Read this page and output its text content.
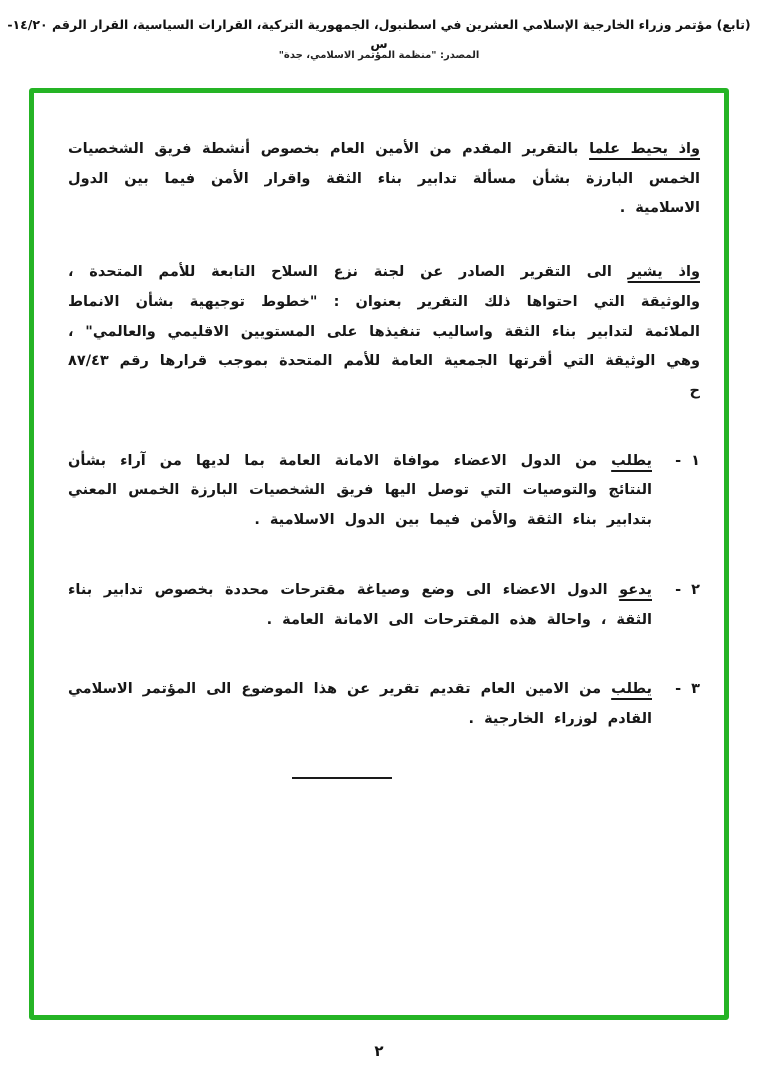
(تابع) مؤتمر وزراء الخارجية الإسلامي العشرين في اسطنبول، الجمهورية التركية، القرارات السياسية، القرار الرقم ١٤/٢٠- س
المصدر: "منظمة المؤتمر الاسلامي، جدة"

واذ يحيط علما بالتقرير المقدم من الأمين العام بخصوص أنشطة فريق الشخصيات الخمس البارزة بشأن مسألة تدابير بناء الثقة واقرار الأمن فيما بين الدول الاسلامية .

واذ يشير الى التقرير الصادر عن لجنة نزع السلاح التابعة للأمم المتحدة ، والوثيقة التي احتواها ذلك التقرير بعنوان : "خطوط توجيهية بشأن الانماط الملائمة لتدابير بناء الثقة واساليب تنفيذها على المستويين الاقليمي والعالمي" ، وهي الوثيقة التي أقرتها الجمعية العامة للأمم المتحدة بموجب قرارها رقم ٨٧/٤٣ ح

١ -

يطلب من الدول الاعضاء موافاة الامانة العامة بما لديها من آراء بشأن النتائج والتوصيات التي توصل اليها فريق الشخصيات البارزة الخمس المعني بتدابير بناء الثقة والأمن فيما بين الدول الاسلامية .

٢ -

يدعو الدول الاعضاء الى وضع وصياغة مقترحات محددة بخصوص تدابير بناء الثقة ، واحالة هذه المقترحات الى الامانة العامة .

٣ -

يطلب من الامين العام تقديم تقرير عن هذا الموضوع الى المؤتمر الاسلامي القادم لوزراء الخارجية .

٢
